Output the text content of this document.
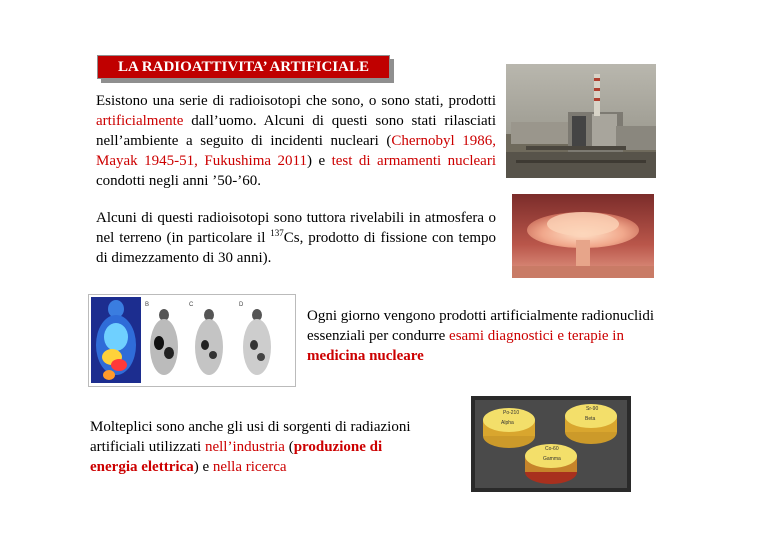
LA RADIOATTIVITA’ ARTIFICIALE
Esistono una serie di radioisotopi che sono, o sono stati, prodotti artificialmente dall’uomo. Alcuni di questi sono stati rilasciati nell’ambiente a seguito di incidenti nucleari (Chernobyl 1986, Mayak 1945-51, Fukushima 2011) e test di armamenti nucleari condotti negli anni ’50-’60.
Alcuni di questi radioisotopi sono tuttora rivelabili in atmosfera o nel terreno (in particolare il $^{137}$Cs, prodotto di fissione con tempo di dimezzamento di 30 anni).
Ogni giorno vengono prodotti artificialmente radionuclidi essenziali per condurre esami diagnostici e terapie in medicina nucleare
Molteplici sono anche gli usi di sorgenti di radiazioni artificiali utilizzati nell’industria (produzione di energia elettrica) e nella ricerca
B	C	D
Po-210
Alpha
Sr-90
Beta
Co-60
Gamma
